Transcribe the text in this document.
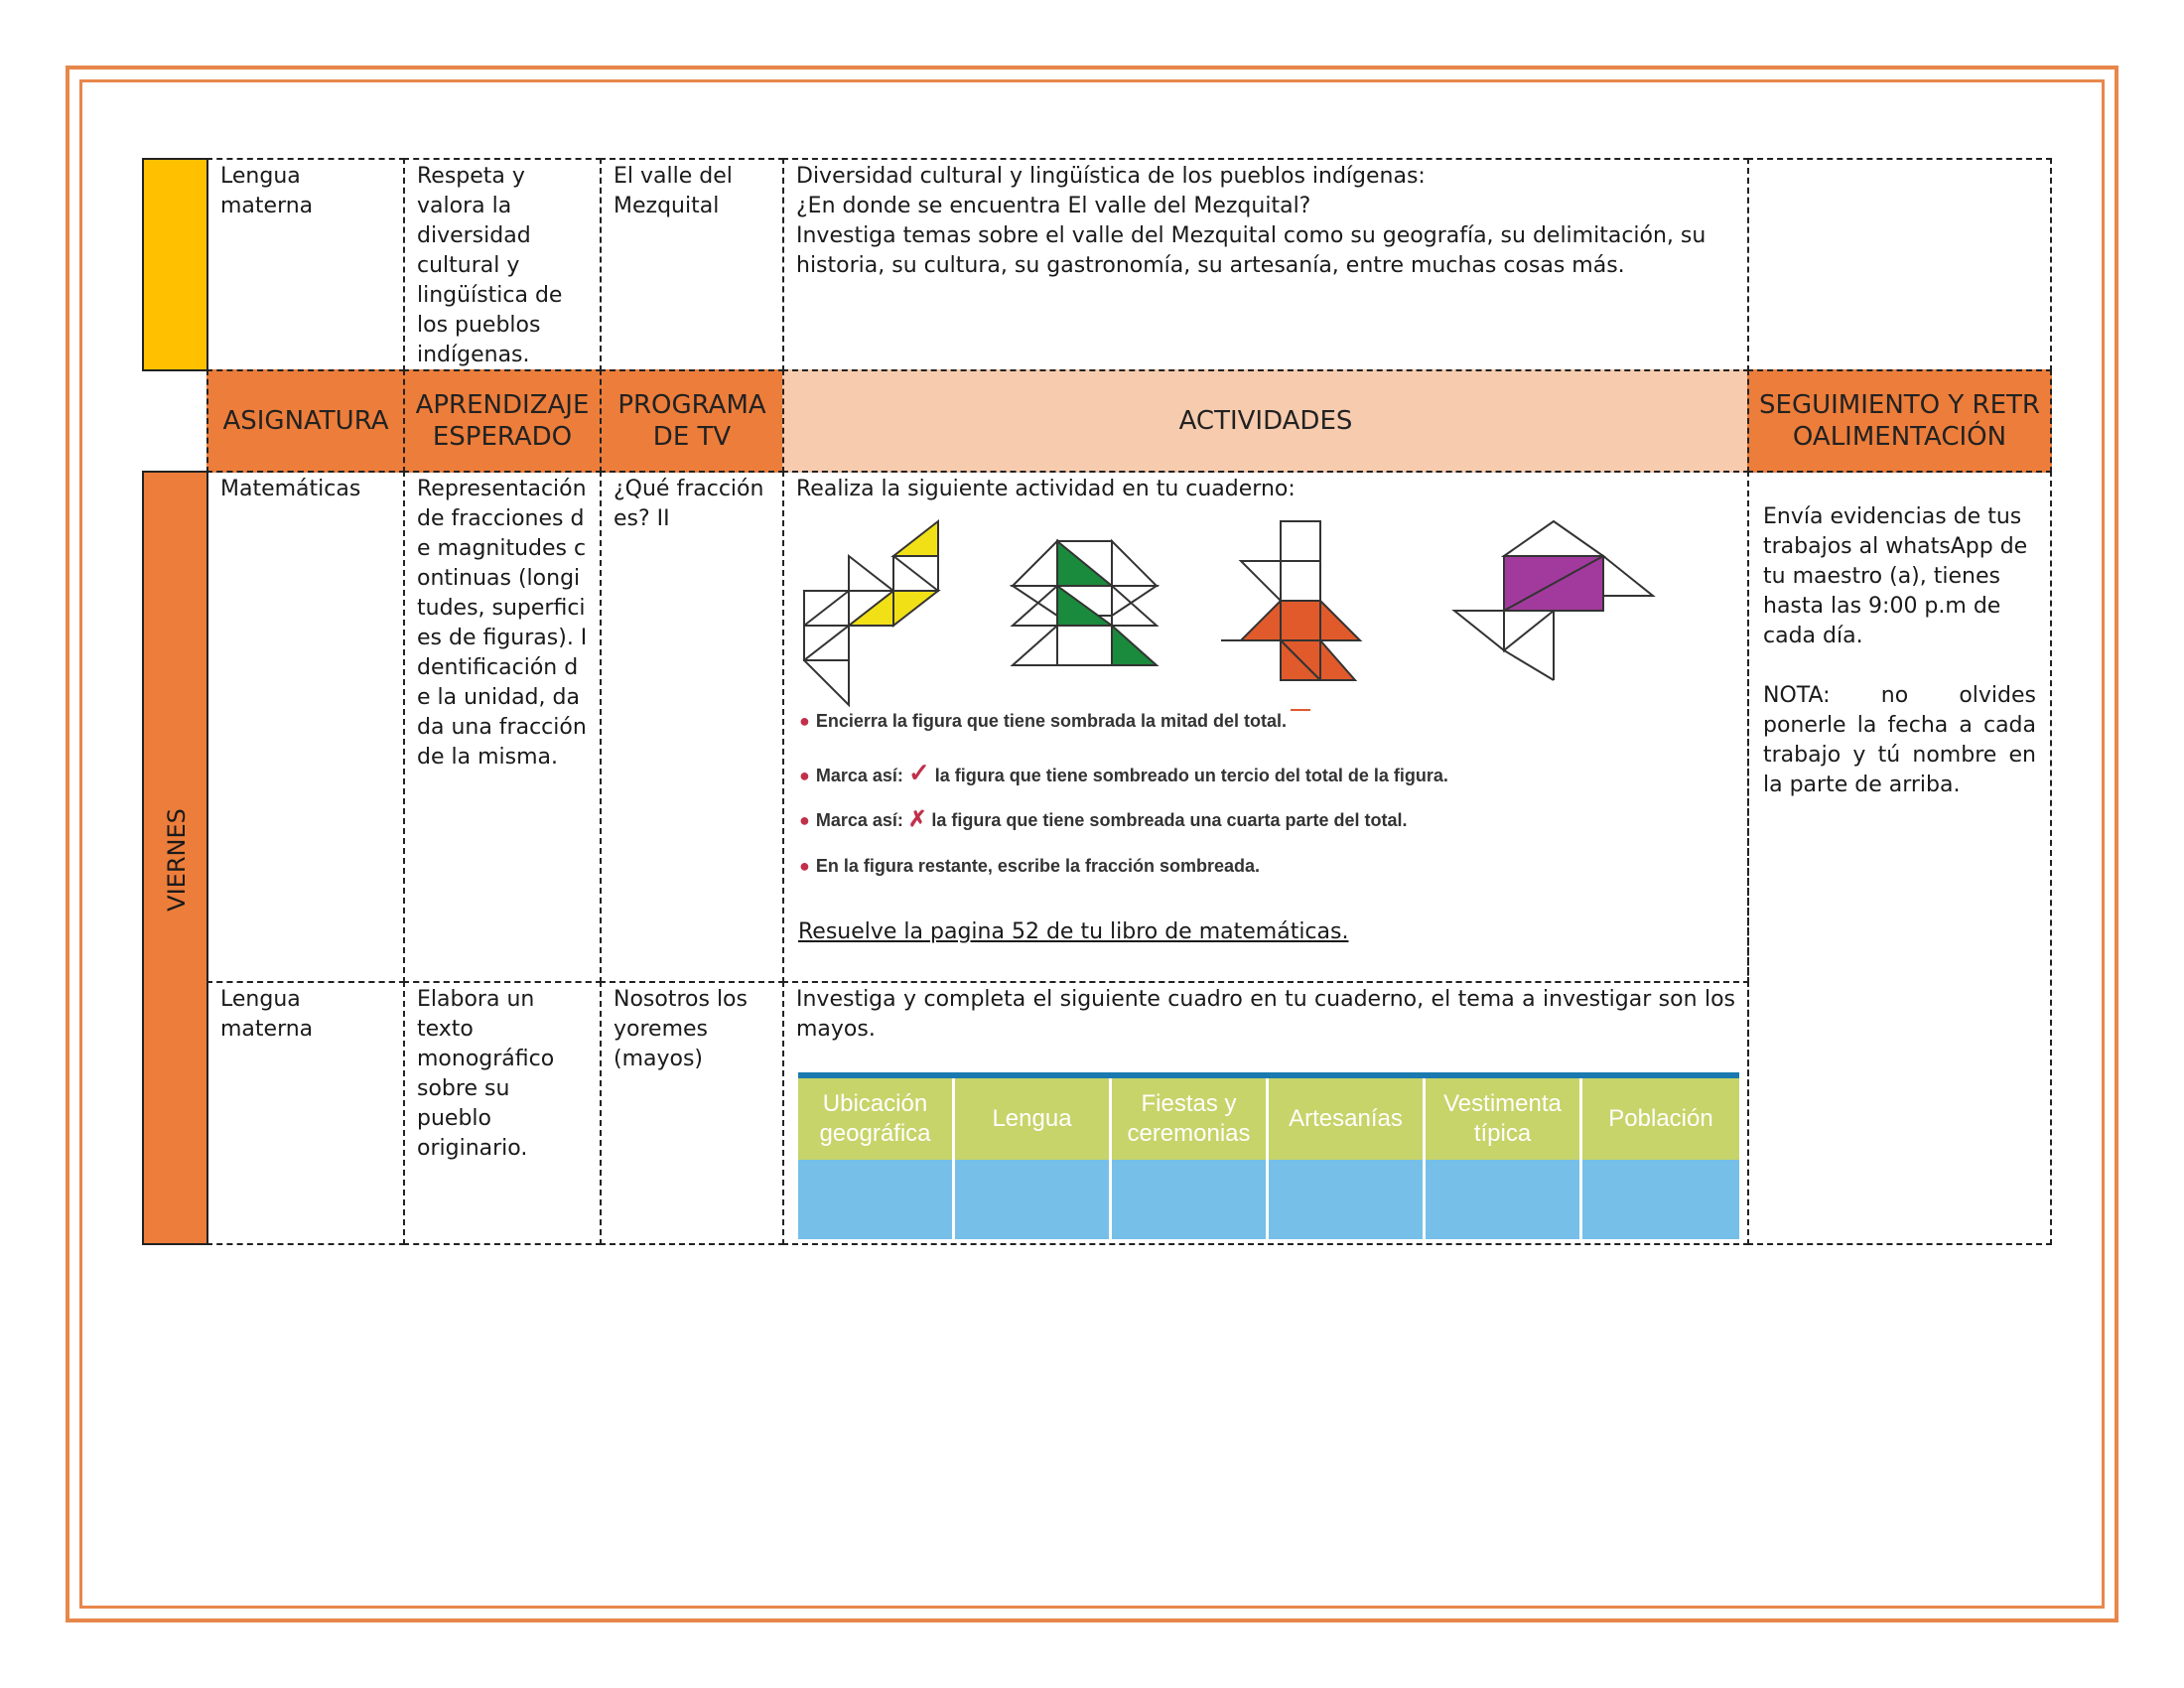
Lengua materna
Respeta y valora la diversidad cultural y lingüística de los pueblos indígenas.
El valle del Mezquital
Diversidad cultural y lingüística de los pueblos indígenas:
¿En donde se encuentra El valle del Mezquital?
Investiga temas sobre el valle del Mezquital como su geografía, su delimitación, su historia, su cultura, su gastronomía, su artesanía, entre muchas cosas más.
ASIGNATURA
APRENDIZAJE ESPERADO
PROGRAMA DE TV
ACTIVIDADES
SEGUIMIENTO Y RETROALIMENTACIÓN
VIERNES
Matemáticas	Representación de fracciones de magnitudes continuas (longitudes, superficies de figuras). Identificación de la unidad, dada una fracción de la misma.
¿Qué fracción es? II
Realiza la siguiente actividad en tu cuaderno:
● Encierra la figura que tiene sombrada la mitad del total.
● Marca así: ✓ la figura que tiene sombreado un tercio del total de la figura.
● Marca así: ✗ la figura que tiene sombreada una cuarta parte del total.
● En la figura restante, escribe la fracción sombreada.
Resuelve la pagina 52 de tu libro de matemáticas.
Lengua materna
Elabora un texto monográfico sobre su pueblo originario.
Nosotros los yoremes (mayos)
Investiga y completa el siguiente cuadro en tu cuaderno, el tema a investigar son los mayos.
Ubicación geográfica
Lengua
Fiestas y ceremonias
Artesanías
Vestimenta típica
Población
Envía evidencias de tus trabajos al whatsApp de tu maestro (a), tienes hasta las 9:00 p.m de cada día.
NOTA: no olvides ponerle la fecha a cada trabajo y tú nombre en la parte de arriba.
